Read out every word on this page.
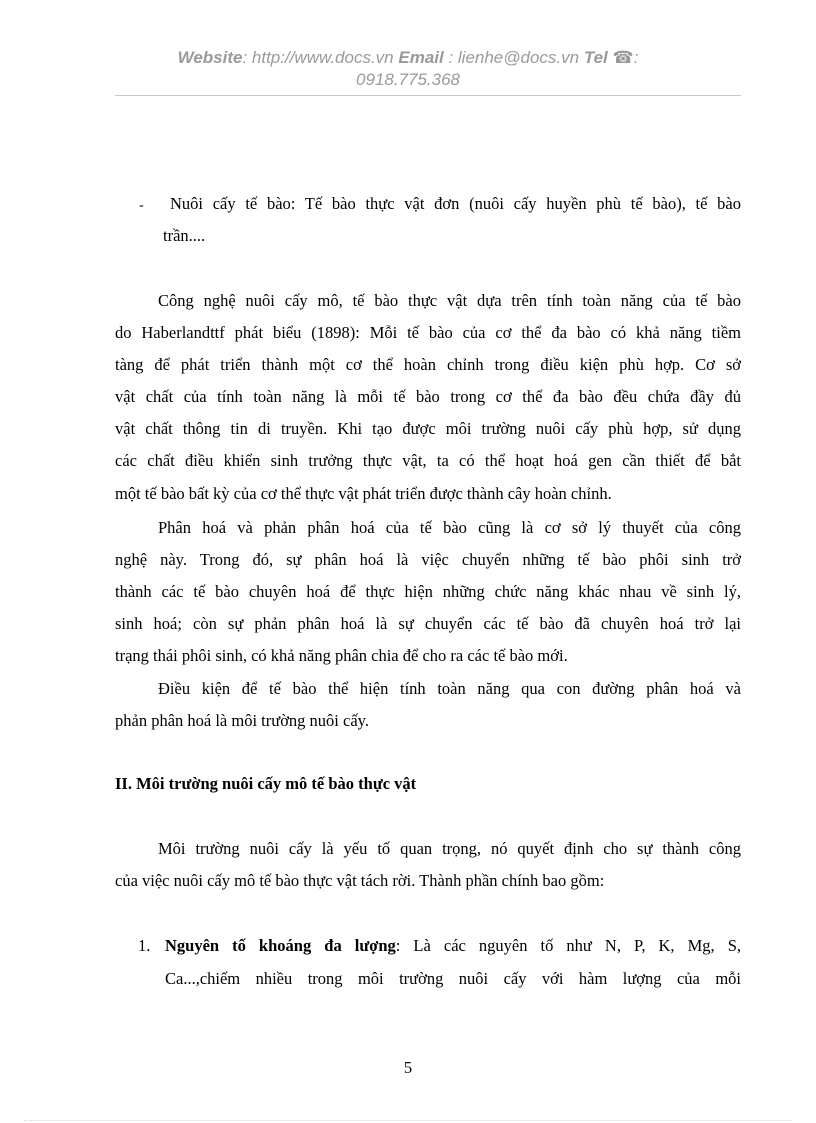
Website: http://www.docs.vn Email : lienhe@docs.vn Tel ☎:
0918.775.368
- Nuôi cấy tế bào: Tế bào thực vật đơn (nuôi cấy huyền phù tế bào), tế bào
trần....
Công nghệ nuôi cấy mô, tế bào thực vật dựa trên tính toàn năng của tế bào
do Haberlandttf phát biểu (1898): Mỗi tế bào của cơ thể đa bào có khả năng tiềm
tàng để phát triển thành một cơ thể hoàn chỉnh trong điều kiện phù hợp. Cơ sở
vật chất của tính toàn năng là mỗi tế bào trong cơ thể đa bào đều chứa đầy đủ
vật chất thông tin di truyền. Khi tạo được môi trường nuôi cấy phù hợp, sử dụng
các chất điều khiển sinh trưởng thực vật, ta có thể hoạt hoá gen cần thiết để bắt
một tế bào bất kỳ của cơ thể thực vật phát triển được thành cây hoàn chỉnh.
Phân hoá và phản phân hoá của tế bào cũng là cơ sở lý thuyết của công
nghệ này. Trong đó, sự phân hoá là việc chuyển những tế bào phôi sinh trở
thành các tế bào chuyên hoá để thực hiện những chức năng khác nhau về sinh lý,
sinh hoá; còn sự phản phân hoá là sự chuyển các tế bào đã chuyên hoá trở lại
trạng thái phôi sinh, có khả năng phân chia để cho ra các tế bào mới.
Điều kiện để tế bào thể hiện tính toàn năng qua con đường phân hoá và
phản phân hoá là môi trường nuôi cấy.
II. Môi trường nuôi cấy mô tế bào thực vật
Môi trường nuôi cấy là yếu tố quan trọng, nó quyết định cho sự thành công
của việc nuôi cấy mô tế bào thực vật tách rời. Thành phần chính bao gồm:
1. Nguyên tố khoáng đa lượng: Là các nguyên tố như N, P, K, Mg, S,
Ca...,chiếm nhiều trong môi trường nuôi cấy với hàm lượng của mỗi
5
